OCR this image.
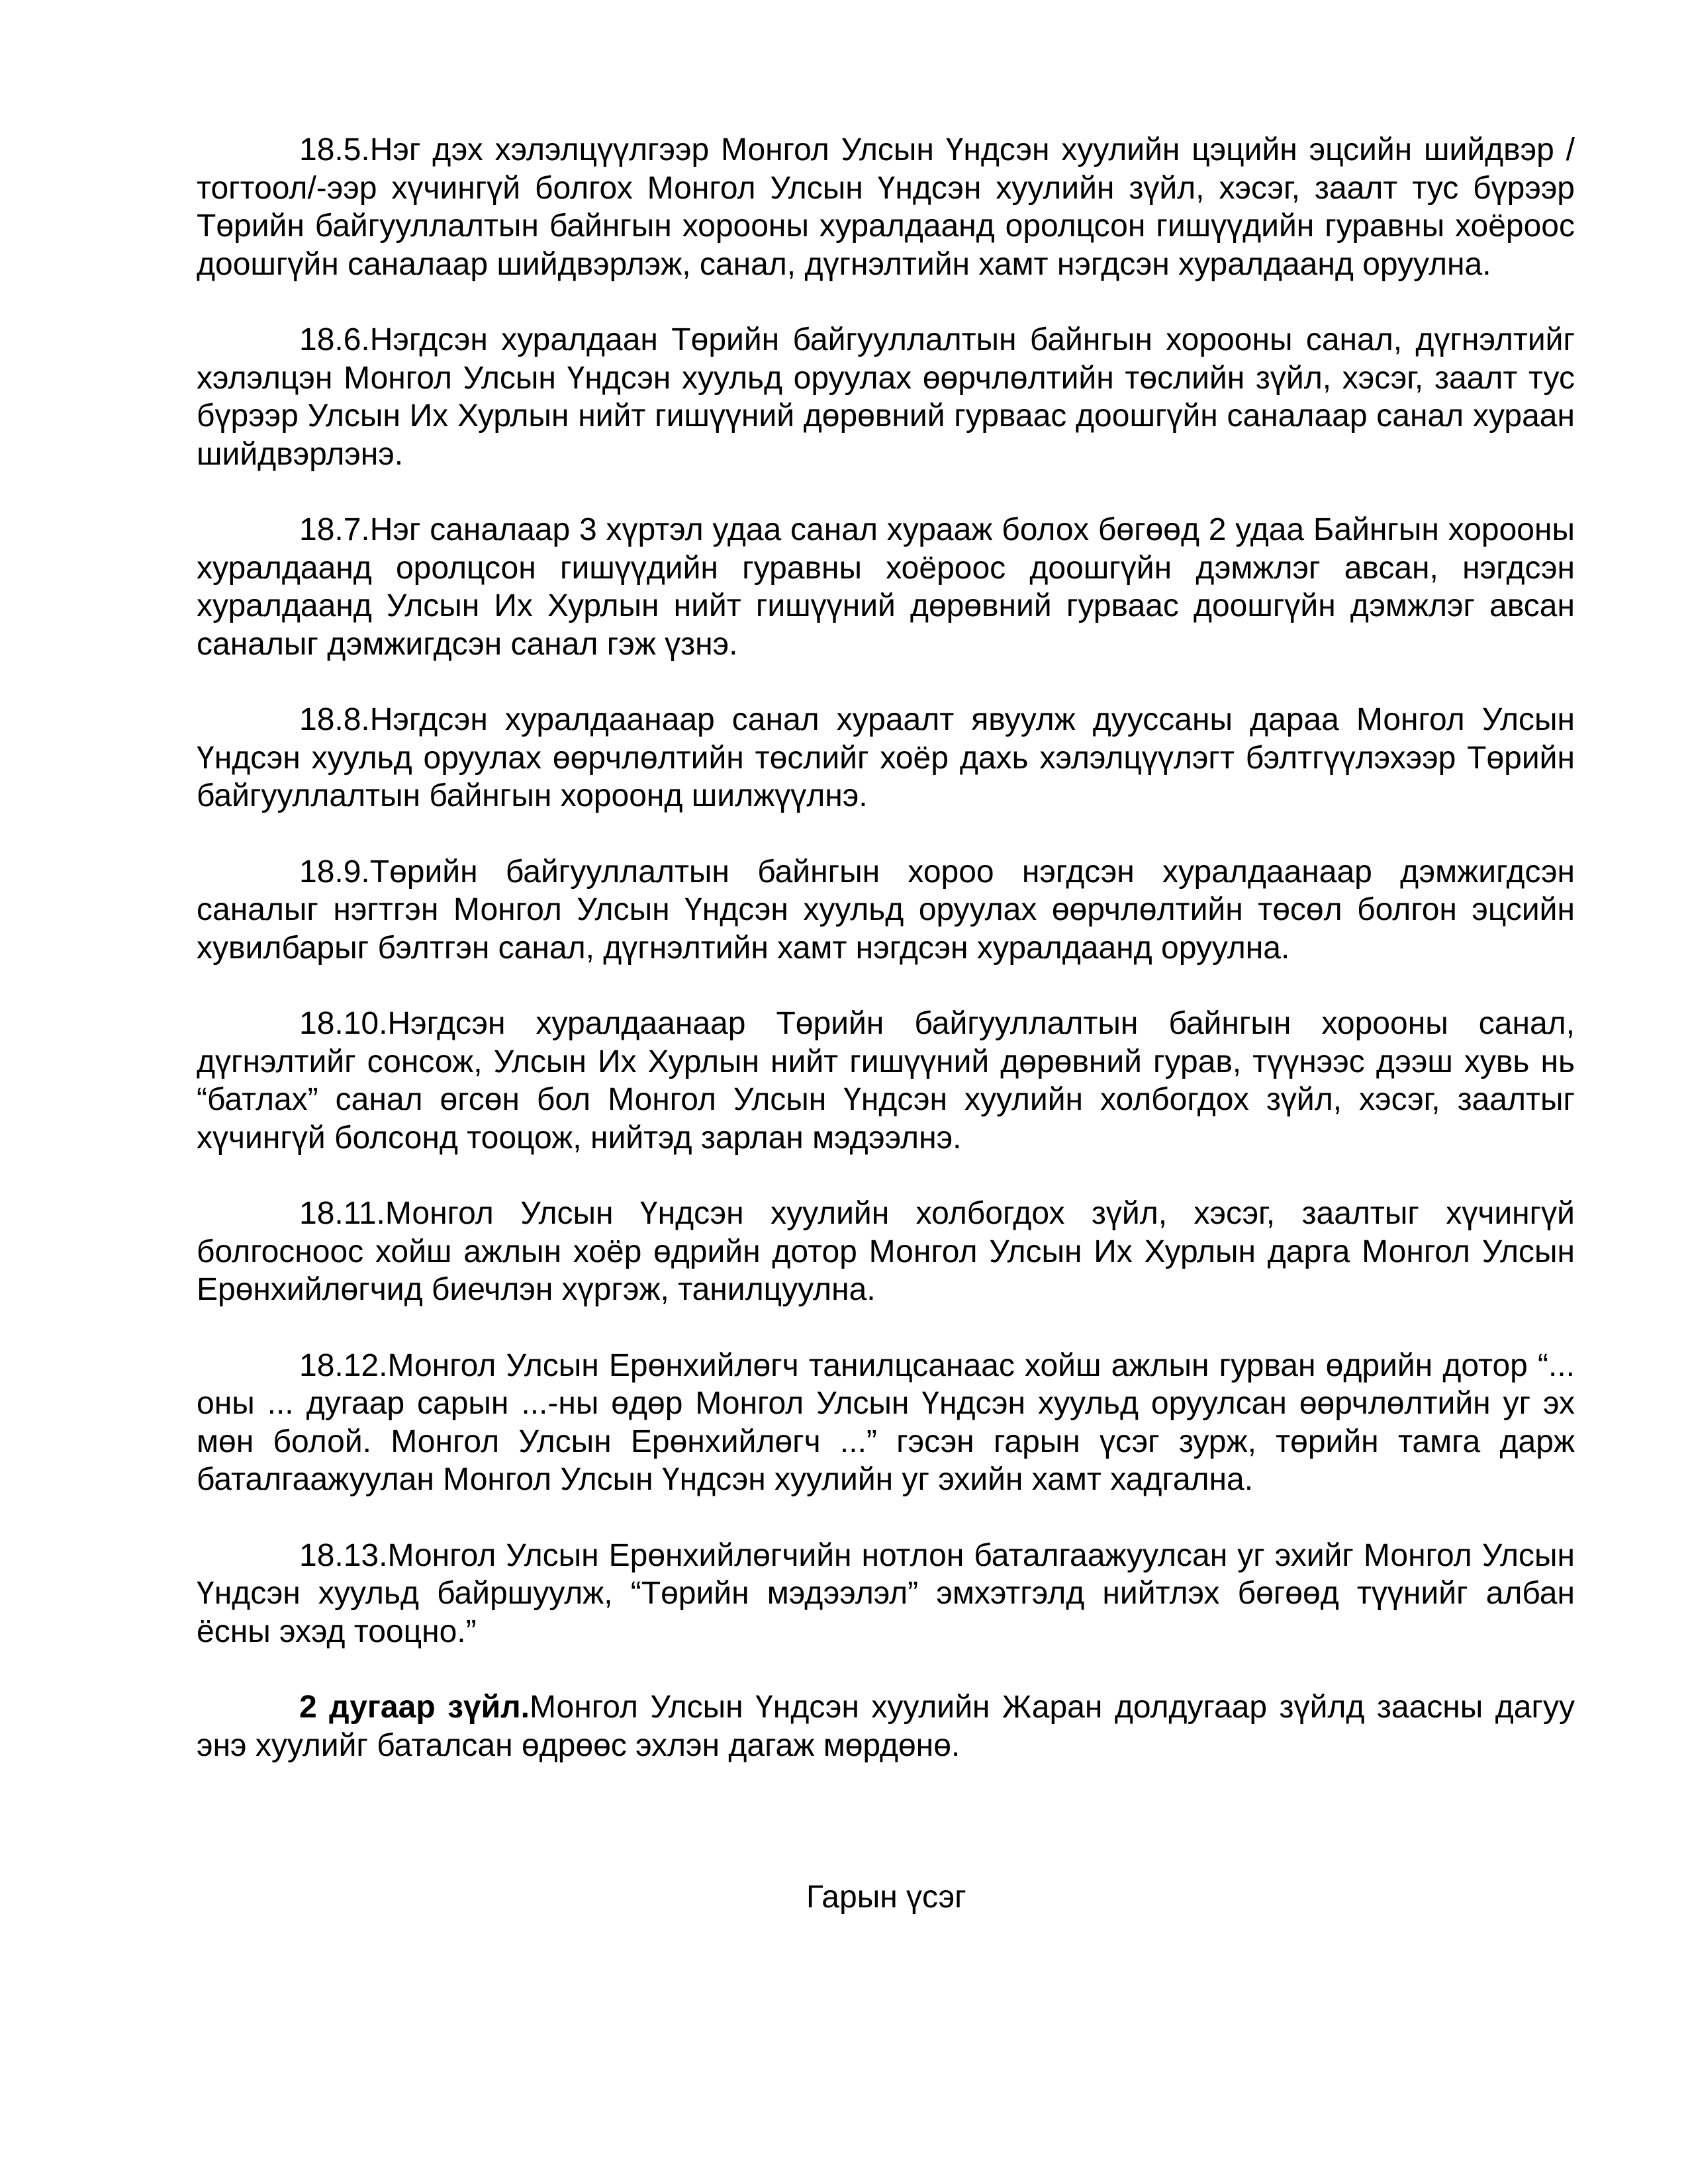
18.5.Нэг дэх хэлэлцүүлгээр Монгол Улсын Үндсэн хуулийн цэцийн эцсийн шийдвэр /тогтоол/-ээр хүчингүй болгох Монгол Улсын Үндсэн хуулийн зүйл, хэсэг, заалт тус бүрээр Төрийн байгууллалтын байнгын хорооны хуралдаанд оролцсон гишүүдийн гуравны хоёроос доошгүйн саналаар шийдвэрлэж, санал, дүгнэлтийн хамт нэгдсэн хуралдаанд оруулна.

18.6.Нэгдсэн хуралдаан Төрийн байгууллалтын байнгын хорооны санал, дүгнэлтийг хэлэлцэн Монгол Улсын Үндсэн хуульд оруулах өөрчлөлтийн төслийн зүйл, хэсэг, заалт тус бүрээр Улсын Их Хурлын нийт гишүүний дөрөвний гурваас доошгүйн саналаар санал хураан шийдвэрлэнэ.

18.7.Нэг саналаар 3 хүртэл удаа санал хурааж болох бөгөөд 2 удаа Байнгын хорооны хуралдаанд оролцсон гишүүдийн гуравны хоёроос доошгүйн дэмжлэг авсан, нэгдсэн хуралдаанд Улсын Их Хурлын нийт гишүүний дөрөвний гурваас доошгүйн дэмжлэг авсан саналыг дэмжигдсэн санал гэж үзнэ.

18.8.Нэгдсэн хуралдаанаар санал хураалт явуулж дууссаны дараа Монгол Улсын Үндсэн хуульд оруулах өөрчлөлтийн төслийг хоёр дахь хэлэлцүүлэгт бэлтгүүлэхээр Төрийн байгууллалтын байнгын хороонд шилжүүлнэ.

18.9.Төрийн байгууллалтын байнгын хороо нэгдсэн хуралдаанаар дэмжигдсэн саналыг нэгтгэн Монгол Улсын Үндсэн хуульд оруулах өөрчлөлтийн төсөл болгон эцсийн хувилбарыг бэлтгэн санал, дүгнэлтийн хамт нэгдсэн хуралдаанд оруулна.

18.10.Нэгдсэн хуралдаанаар Төрийн байгууллалтын байнгын хорооны санал, дүгнэлтийг сонсож, Улсын Их Хурлын нийт гишүүний дөрөвний гурав, түүнээс дээш хувь нь “батлах” санал өгсөн бол Монгол Улсын Үндсэн хуулийн холбогдох зүйл, хэсэг, заалтыг хүчингүй болсонд тооцож, нийтэд зарлан мэдээлнэ.

18.11.Монгол Улсын Үндсэн хуулийн холбогдох зүйл, хэсэг, заалтыг хүчингүй болгосноос хойш ажлын хоёр өдрийн дотор Монгол Улсын Их Хурлын дарга Монгол Улсын Ерөнхийлөгчид биечлэн хүргэж, танилцуулна.

18.12.Монгол Улсын Ерөнхийлөгч танилцсанаас хойш ажлын гурван өдрийн дотор “... оны ... дугаар сарын ...-ны өдөр Монгол Улсын Үндсэн хуульд оруулсан өөрчлөлтийн уг эх мөн болой. Монгол Улсын Ерөнхийлөгч ...” гэсэн гарын үсэг зурж, төрийн тамга дарж баталгаажуулан Монгол Улсын Үндсэн хуулийн уг эхийн хамт хадгална.

18.13.Монгол Улсын Ерөнхийлөгчийн нотлон баталгаажуулсан уг эхийг Монгол Улсын Үндсэн хуульд байршуулж, “Төрийн мэдээлэл” эмхэтгэлд нийтлэх бөгөөд түүнийг албан ёсны эхэд тооцно.”

2 дугаар зүйл.Монгол Улсын Үндсэн хуулийн Жаран долдугаар зүйлд заасны дагуу энэ хуулийг баталсан өдрөөс эхлэн дагаж мөрдөнө.

Гарын үсэг
